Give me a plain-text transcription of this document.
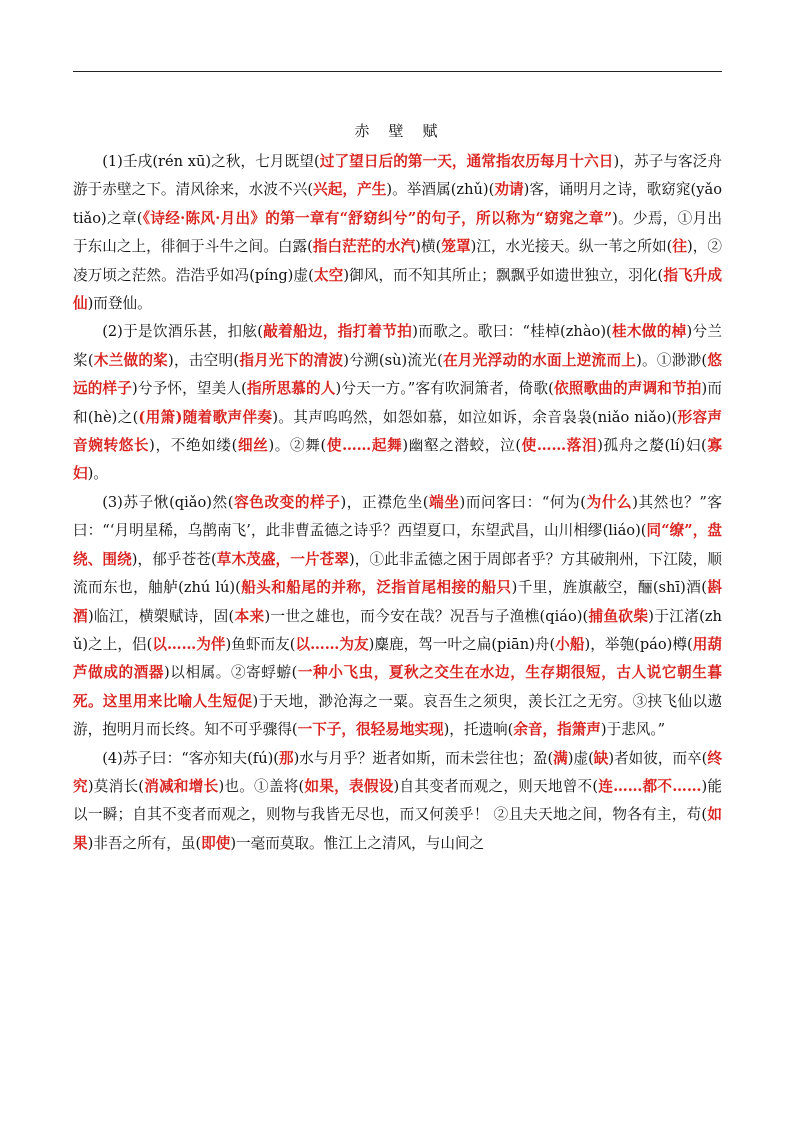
赤　壁　赋

(1)壬戌(rén xū)之秋，七月既望(过了望日后的第一天，通常指农历每月十六日)，苏子与客泛舟游于赤壁之下。清风徐来，水波不兴(兴起，产生)。举酒属(zhǔ)(劝请)客，诵明月之诗，歌窈窕(yǎo tiǎo)之章(《诗经·陈风·月出》的第一章有“舒窈纠兮”的句子，所以称为“窈窕之章”)。少焉，①月出于东山之上，徘徊于斗牛之间。白露(指白茫茫的水汽)横(笼罩)江，水光接天。纵一苇之所如(往)，②凌万顷之茫然。浩浩乎如冯(píng)虚(太空)御风，而不知其所止；飘飘乎如遗世独立，羽化(指飞升成仙)而登仙。

(2)于是饮酒乐甚，扣舷(敲着船边，指打着节拍)而歌之。歌曰：“桂棹(zhào)(桂木做的棹)兮兰桨(木兰做的桨)，击空明(指月光下的清波)兮溯(sù)流光(在月光浮动的水面上逆流而上)。①渺渺(悠远的样子)兮予怀，望美人(指所思慕的人)兮天一方。”客有吹洞箫者，倚歌(依照歌曲的声调和节拍)而和(hè)之((用箫)随着歌声伴奏)。其声呜呜然，如怨如慕，如泣如诉，余音袅袅(niǎo niǎo)(形容声音婉转悠长)，不绝如缕(细丝)。②舞(使……起舞)幽壑之潜蛟，泣(使……落泪)孤舟之嫠(lí)妇(寡妇)。

(3)苏子愀(qiǎo)然(容色改变的样子)，正襟危坐(端坐)而问客曰：“何为(为什么)其然也？”客曰：“‘月明星稀，乌鹊南飞’，此非曹孟德之诗乎？西望夏口，东望武昌，山川相缪(liáo)(同“缭”，盘绕、围绕)，郁乎苍苍(草木茂盛，一片苍翠)，①此非孟德之困于周郎者乎？方其破荆州，下江陵，顺流而东也，舳舻(zhú lú)(船头和船尾的并称，泛指首尾相接的船只)千里，旌旗蔽空，酾(shī)酒(斟酒)临江，横槊赋诗，固(本来)一世之雄也，而今安在哉？况吾与子渔樵(qiáo)(捕鱼砍柴)于江渚(zhǔ)之上，侣(以……为伴)鱼虾而友(以……为友)麋鹿，驾一叶之扁(piān)舟(小船)，举匏(páo)樽(用葫芦做成的酒器)以相属。②寄蜉蝣(一种小飞虫，夏秋之交生在水边，生存期很短，古人说它朝生暮死。这里用来比喻人生短促)于天地，渺沧海之一粟。哀吾生之须臾，羡长江之无穷。③挟飞仙以遨游，抱明月而长终。知不可乎骤得(一下子，很轻易地实现)，托遗响(余音，指箫声)于悲风。”

(4)苏子曰：“客亦知夫(fú)(那)水与月乎？逝者如斯，而未尝往也；盈(满)虚(缺)者如彼，而卒(终究)莫消长(消减和增长)也。①盖将(如果，表假设)自其变者而观之，则天地曾不(连……都不……)能以一瞬；自其不变者而观之，则物与我皆无尽也，而又何羡乎！ ②且夫天地之间，物各有主，苟(如果)非吾之所有，虽(即使)一毫而莫取。惟江上之清风，与山间之
